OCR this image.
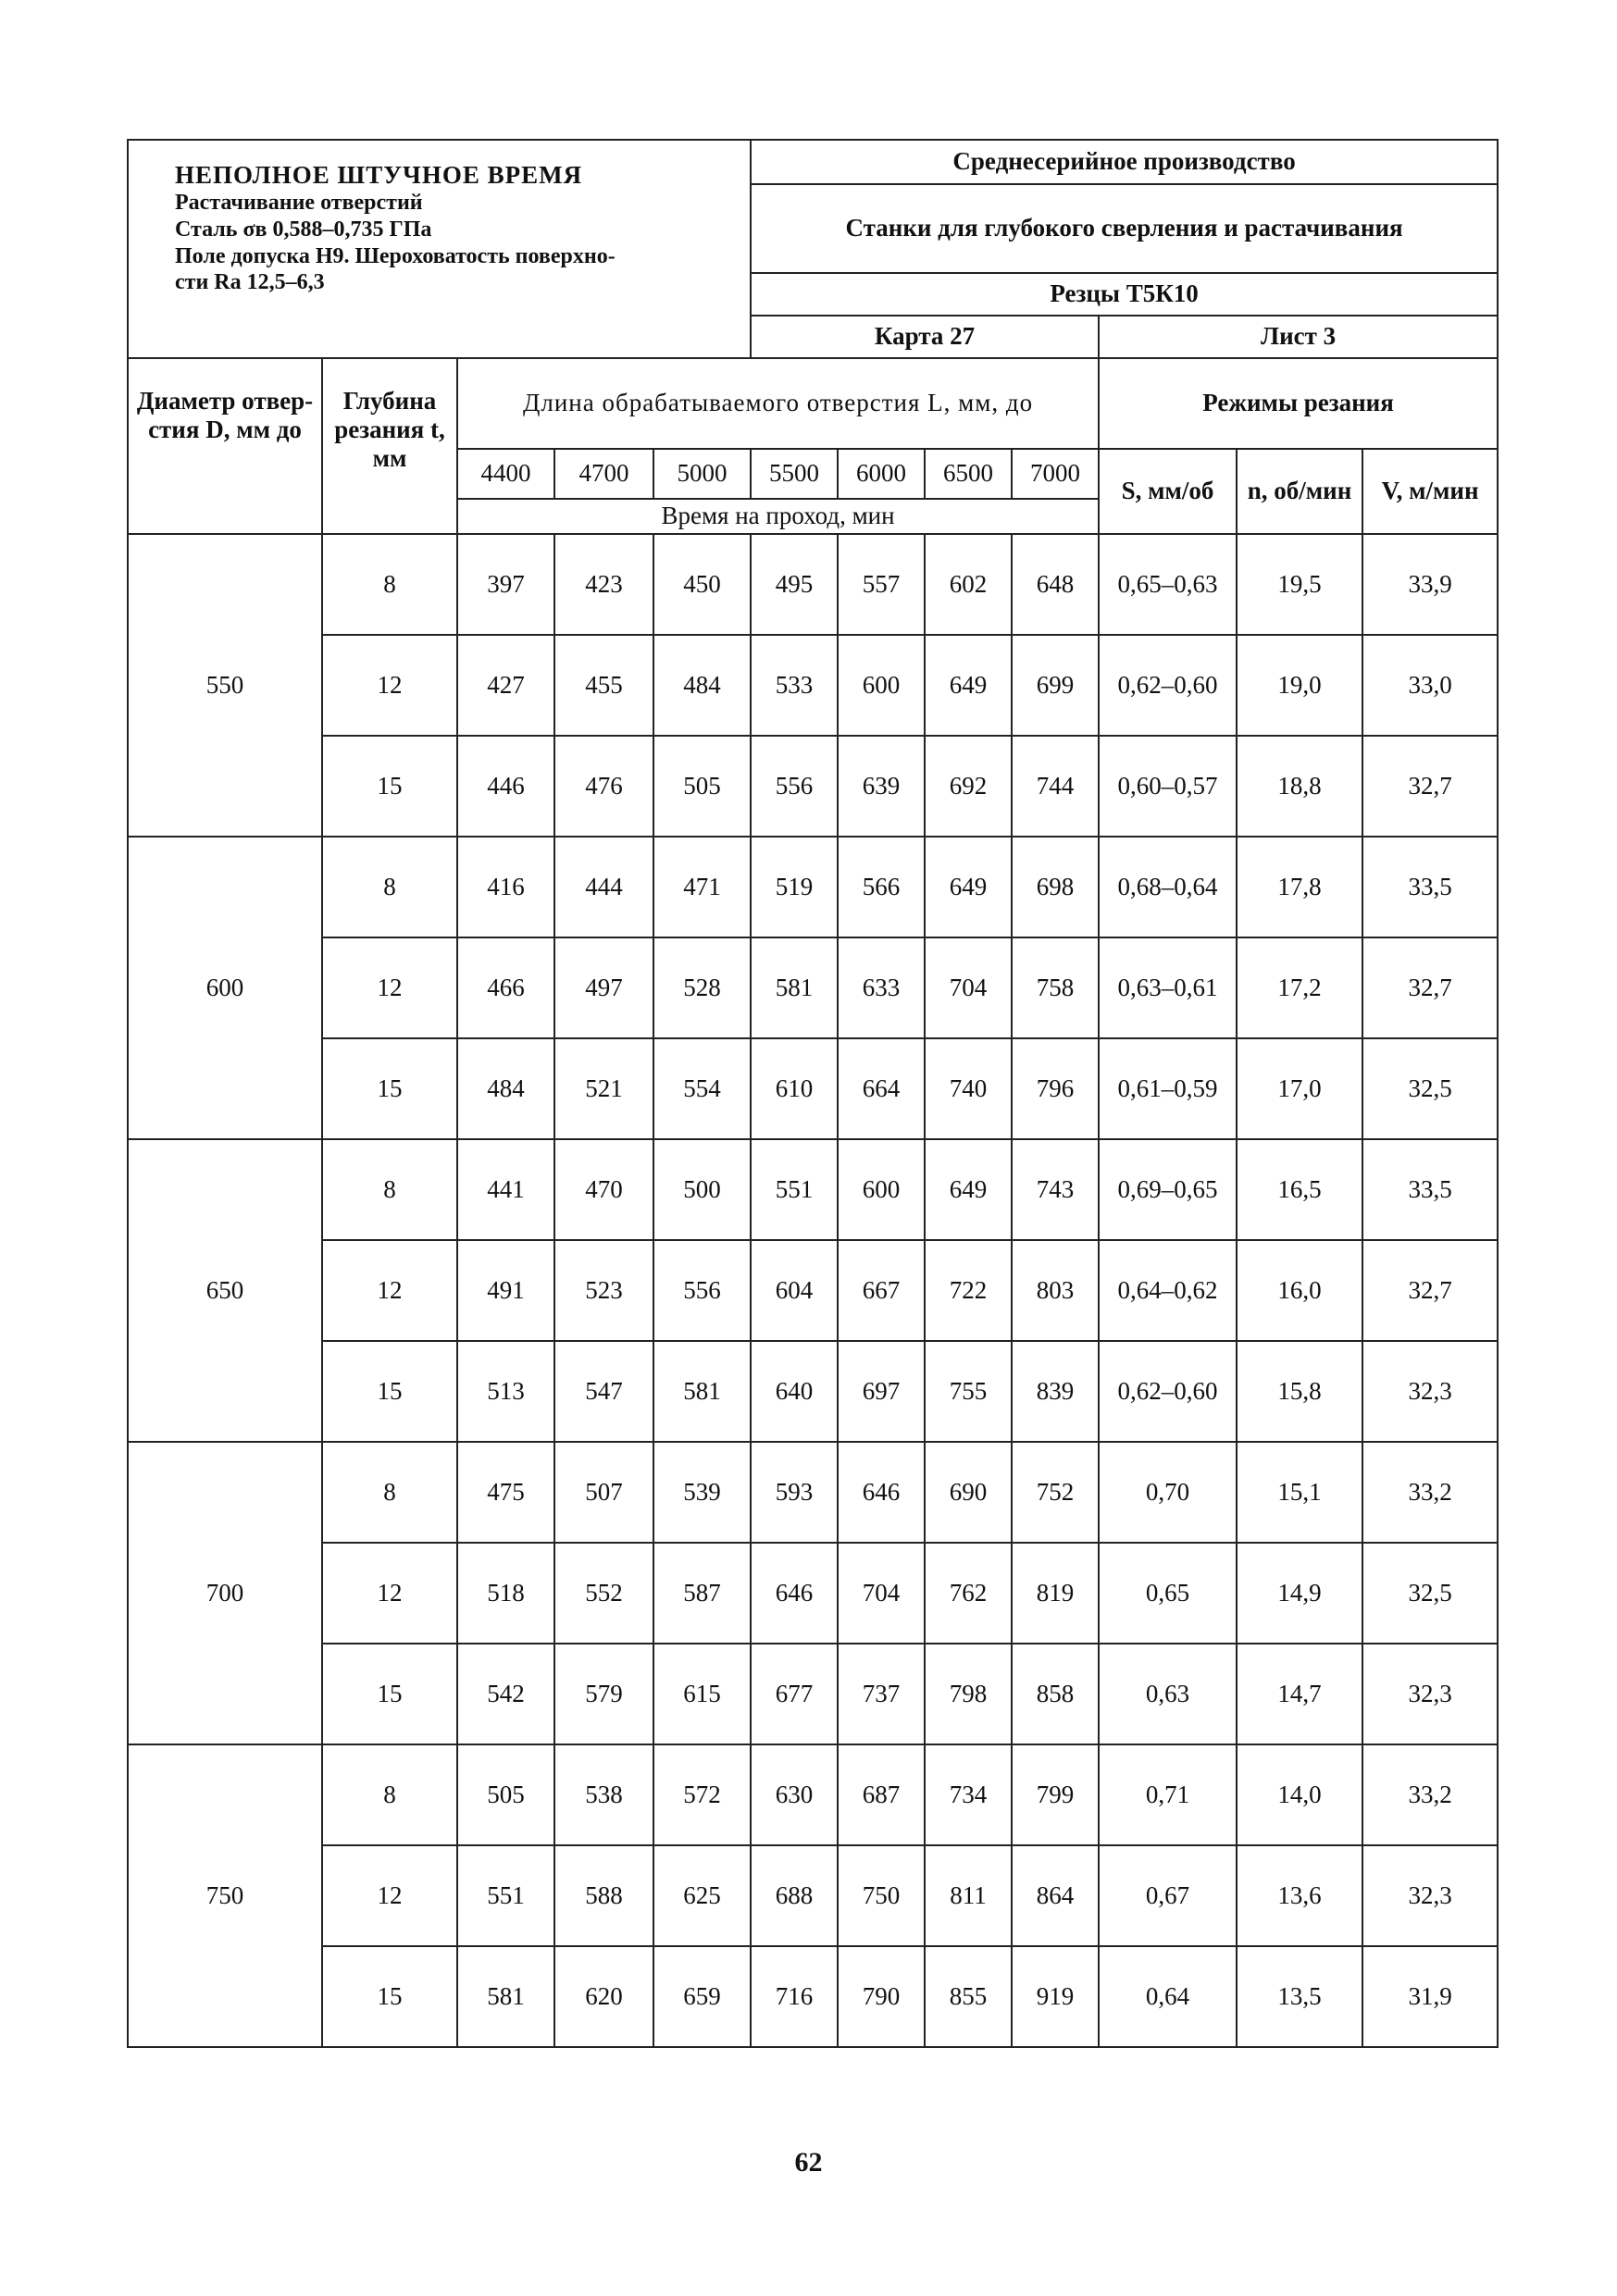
НЕПОЛНОЕ ШТУЧНОЕ ВРЕМЯ
Растачивание отверстий
Сталь σв 0,588–0,735 ГПа
Поле допуска Н9. Шероховатость поверхно-
сти Ra 12,5–6,3					Среднесерийное производство						
					Станки для глубокого сверления и растачивания						
					Резцы Т5К10						
					Карта 27				Лист 3		
Диаметр отвер-стия D, мм до	Глубина резания t, мм	Длина обрабатываемого отверстия L, мм, до							Режимы резания		
		4400	4700	5000	5500	6000	6500	7000	S, мм/об	n, об/мин	V, м/мин
		Время на проход, мин									
550	8	397	423	450	495	557	602	648	0,65–0,63	19,5	33,9
	12	427	455	484	533	600	649	699	0,62–0,60	19,0	33,0
	15	446	476	505	556	639	692	744	0,60–0,57	18,8	32,7
600	8	416	444	471	519	566	649	698	0,68–0,64	17,8	33,5
	12	466	497	528	581	633	704	758	0,63–0,61	17,2	32,7
	15	484	521	554	610	664	740	796	0,61–0,59	17,0	32,5
650	8	441	470	500	551	600	649	743	0,69–0,65	16,5	33,5
	12	491	523	556	604	667	722	803	0,64–0,62	16,0	32,7
	15	513	547	581	640	697	755	839	0,62–0,60	15,8	32,3
700	8	475	507	539	593	646	690	752	0,70	15,1	33,2
	12	518	552	587	646	704	762	819	0,65	14,9	32,5
	15	542	579	615	677	737	798	858	0,63	14,7	32,3
750	8	505	538	572	630	687	734	799	0,71	14,0	33,2
	12	551	588	625	688	750	811	864	0,67	13,6	32,3
	15	581	620	659	716	790	855	919	0,64	13,5	31,9
62
